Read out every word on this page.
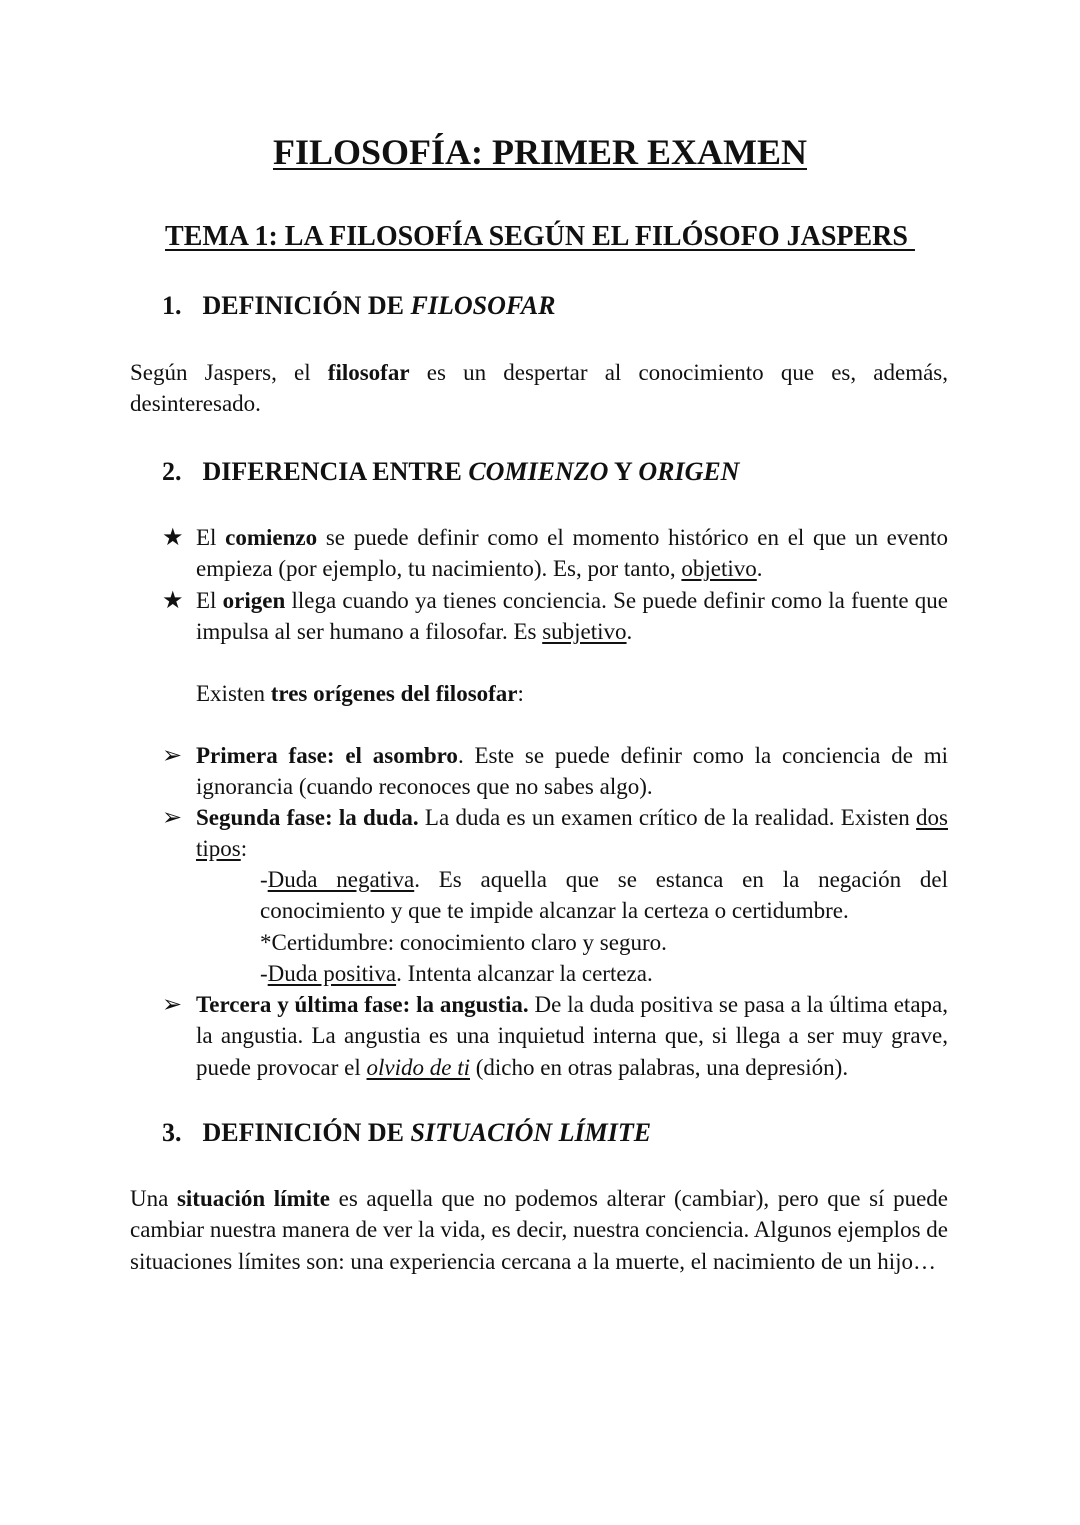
FILOSOFÍA: PRIMER EXAMEN
TEMA 1: LA FILOSOFÍA SEGÚN EL FILÓSOFO JASPERS
1. DEFINICIÓN DE FILOSOFAR
Según Jaspers, el filosofar es un despertar al conocimiento que es, además, desinteresado.
2. DIFERENCIA ENTRE COMIENZO Y ORIGEN
★ El comienzo se puede definir como el momento histórico en el que un evento empieza (por ejemplo, tu nacimiento). Es, por tanto, objetivo.
★ El origen llega cuando ya tienes conciencia. Se puede definir como la fuente que impulsa al ser humano a filosofar. Es subjetivo.
Existen tres orígenes del filosofar:
➢ Primera fase: el asombro. Este se puede definir como la conciencia de mi ignorancia (cuando reconoces que no sabes algo).
➢ Segunda fase: la duda. La duda es un examen crítico de la realidad. Existen dos tipos:
-Duda negativa. Es aquella que se estanca en la negación del conocimiento y que te impide alcanzar la certeza o certidumbre.
*Certidumbre: conocimiento claro y seguro.
-Duda positiva. Intenta alcanzar la certeza.
➢ Tercera y última fase: la angustia. De la duda positiva se pasa a la última etapa, la angustia. La angustia es una inquietud interna que, si llega a ser muy grave, puede provocar el olvido de ti (dicho en otras palabras, una depresión).
3. DEFINICIÓN DE SITUACIÓN LÍMITE
Una situación límite es aquella que no podemos alterar (cambiar), pero que sí puede cambiar nuestra manera de ver la vida, es decir, nuestra conciencia. Algunos ejemplos de situaciones límites son: una experiencia cercana a la muerte, el nacimiento de un hijo…
